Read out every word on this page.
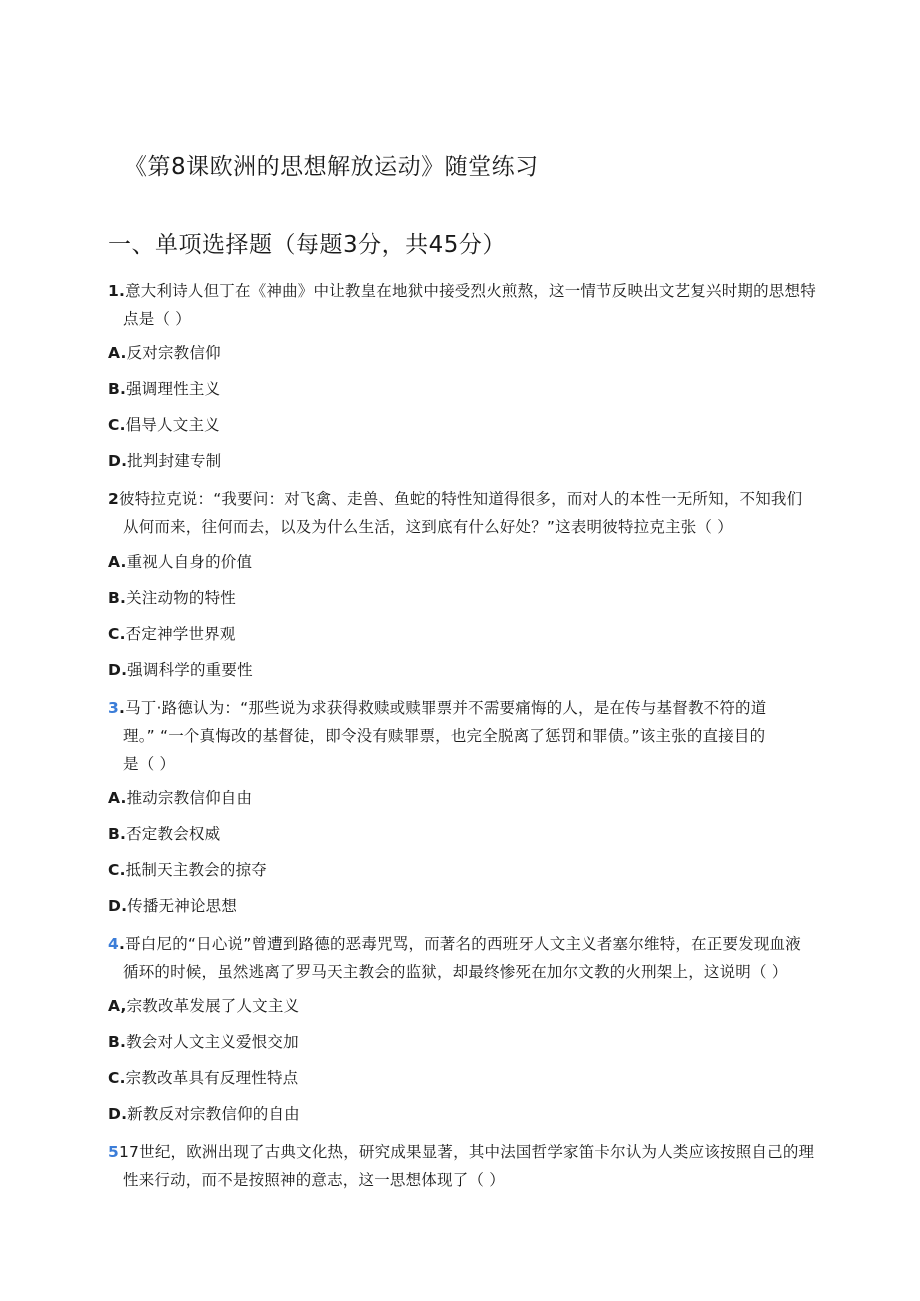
《第8课欧洲的思想解放运动》随堂练习
一、单项选择题（每题3分，共45分）
1.意大利诗人但丁在《神曲》中让教皇在地狱中接受烈火煎熬，这一情节反映出文艺复兴时期的思想特
点是（ ）
A.反对宗教信仰
B.强调理性主义
C.倡导人文主义
D.批判封建专制
2彼特拉克说：“我要问：对飞禽、走兽、鱼蛇的特性知道得很多，而对人的本性一无所知，不知我们
从何而来，往何而去，以及为什么生活，这到底有什么好处？”这表明彼特拉克主张（ ）
A.重视人自身的价值
B.关注动物的特性
C.否定神学世界观
D.强调科学的重要性
3.马丁·路德认为：“那些说为求获得救赎或赎罪票并不需要痛悔的人，是在传与基督教不符的道
理。” “一个真悔改的基督徒，即令没有赎罪票，也完全脱离了惩罚和罪债。”该主张的直接目的
是（ ）
A.推动宗教信仰自由
B.否定教会权威
C.抵制天主教会的掠夺
D.传播无神论思想
4.哥白尼的“日心说”曾遭到路德的恶毒咒骂，而著名的西班牙人文主义者塞尔维特，在正要发现血液
循环的时候，虽然逃离了罗马天主教会的监狱，却最终惨死在加尔文教的火刑架上，这说明（ ）
A,宗教改革发展了人文主义
B.教会对人文主义爱恨交加
C.宗教改革具有反理性特点
D.新教反对宗教信仰的自由
517世纪，欧洲出现了古典文化热，研究成果显著，其中法国哲学家笛卡尔认为人类应该按照自己的理
性来行动，而不是按照神的意志，这一思想体现了（ ）
